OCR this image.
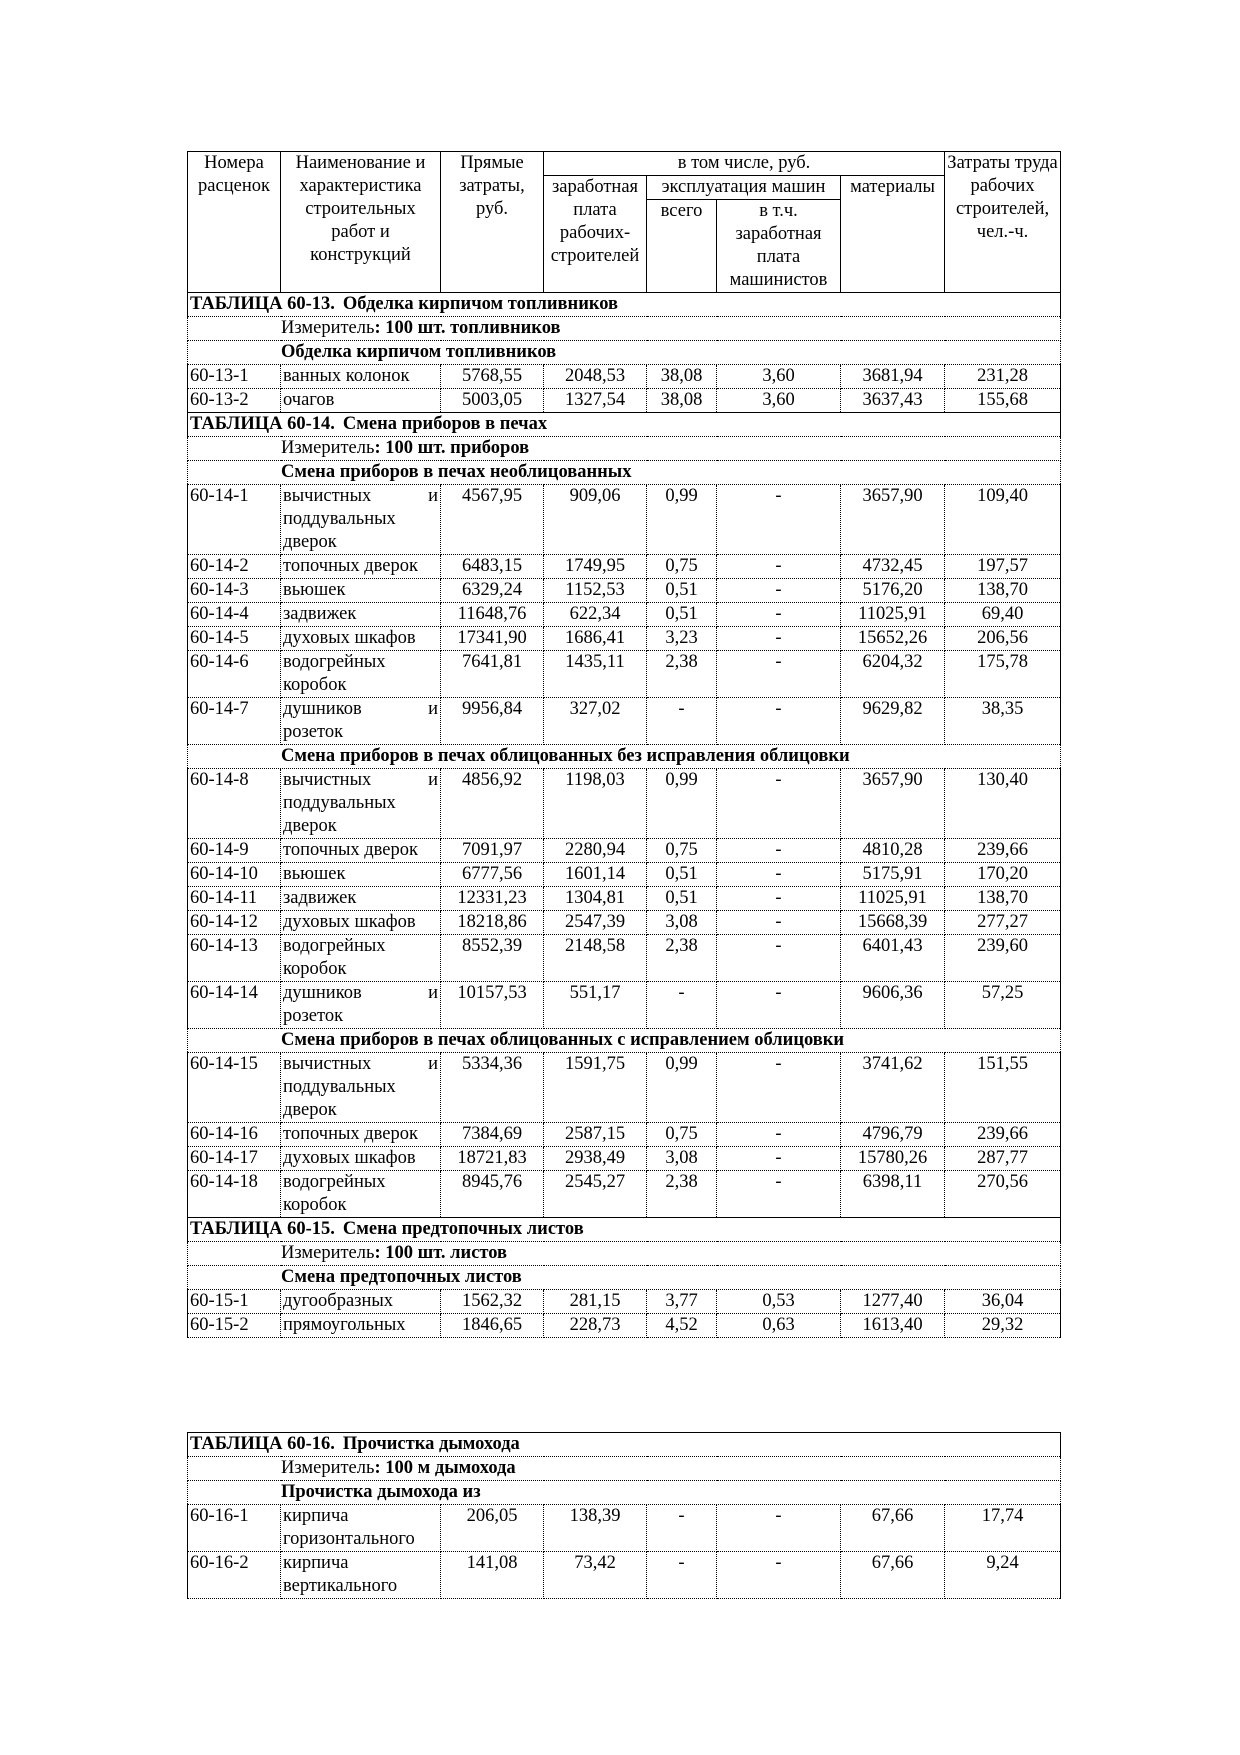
Номера расценок	Наименование и характеристика строительных работ и конструкций	Прямые затраты, руб.	в том числе, руб.				Затраты труда рабочих строителей, чел.-ч.
			заработная плата рабочих-строителей	эксплуатация машин		материалы	
				всего	в т.ч. заработная плата машинистов		
ТАБЛИЦА 60-13. Обделка кирпичом топливников							
Измеритель: 100 шт. топливников							
Обделка кирпичом топливников							
60-13-1	ванных колонок	5768,55	2048,53	38,08	3,60	3681,94	231,28
60-13-2	очагов	5003,05	1327,54	38,08	3,60	3637,43	155,68
ТАБЛИЦА 60-14. Смена приборов в печах							
Измеритель: 100 шт. приборов							
Смена приборов в печах необлицованных							
60-14-1	вычистных и поддувальных дверок	4567,95	909,06	0,99	-	3657,90	109,40
60-14-2	топочных дверок	6483,15	1749,95	0,75	-	4732,45	197,57
60-14-3	вьюшек	6329,24	1152,53	0,51	-	5176,20	138,70
60-14-4	задвижек	11648,76	622,34	0,51	-	11025,91	69,40
60-14-5	духовых шкафов	17341,90	1686,41	3,23	-	15652,26	206,56
60-14-6	водогрейных коробок	7641,81	1435,11	2,38	-	6204,32	175,78
60-14-7	душников и розеток	9956,84	327,02	-	-	9629,82	38,35
Смена приборов в печах облицованных без исправления облицовки							
60-14-8	вычистных и поддувальных дверок	4856,92	1198,03	0,99	-	3657,90	130,40
60-14-9	топочных дверок	7091,97	2280,94	0,75	-	4810,28	239,66
60-14-10	вьюшек	6777,56	1601,14	0,51	-	5175,91	170,20
60-14-11	задвижек	12331,23	1304,81	0,51	-	11025,91	138,70
60-14-12	духовых шкафов	18218,86	2547,39	3,08	-	15668,39	277,27
60-14-13	водогрейных коробок	8552,39	2148,58	2,38	-	6401,43	239,60
60-14-14	душников и розеток	10157,53	551,17	-	-	9606,36	57,25
Смена приборов в печах облицованных с исправлением облицовки							
60-14-15	вычистных и поддувальных дверок	5334,36	1591,75	0,99	-	3741,62	151,55
60-14-16	топочных дверок	7384,69	2587,15	0,75	-	4796,79	239,66
60-14-17	духовых шкафов	18721,83	2938,49	3,08	-	15780,26	287,77
60-14-18	водогрейных коробок	8945,76	2545,27	2,38	-	6398,11	270,56
ТАБЛИЦА 60-15. Смена предтопочных листов							
Измеритель: 100 шт. листов							
Смена предтопочных листов							
60-15-1	дугообразных	1562,32	281,15	3,77	0,53	1277,40	36,04
60-15-2	прямоугольных	1846,65	228,73	4,52	0,63	1613,40	29,32
ТАБЛИЦА 60-16. Прочистка дымохода							
Измеритель: 100 м дымохода							
Прочистка дымохода из							
60-16-1	кирпича горизонтального	206,05	138,39	-	-	67,66	17,74
60-16-2	кирпича вертикального	141,08	73,42	-	-	67,66	9,24
